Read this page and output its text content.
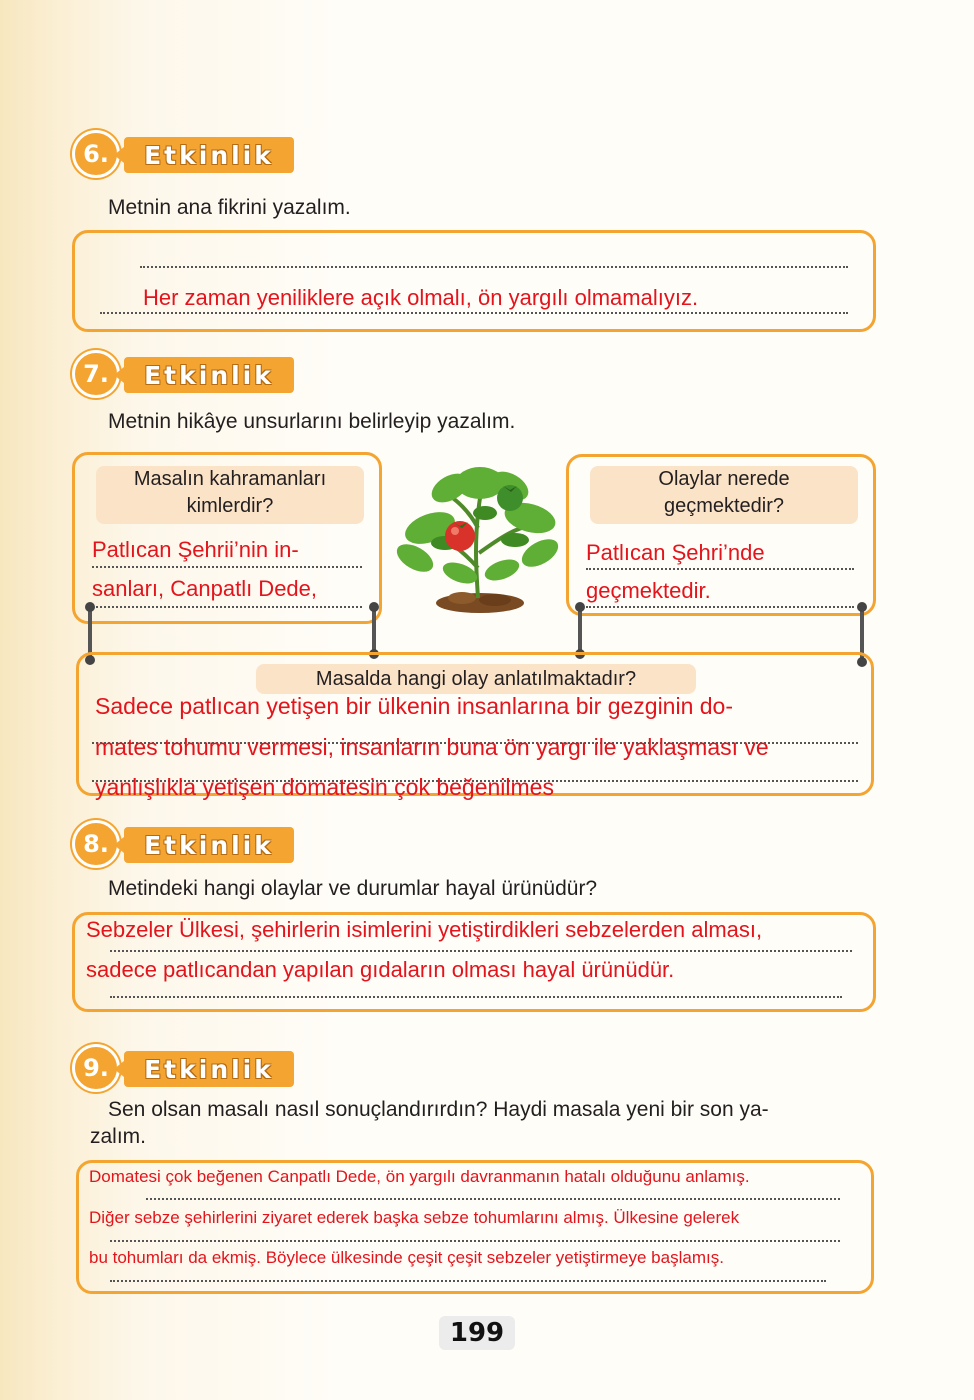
6.	Etkinlik
Metnin ana fikrini yazalım.
Her zaman yeniliklere açık olmalı, ön yargılı olmamalıyız.
7.	Etkinlik
Metnin hikâye unsurlarını belirleyip yazalım.
Masalın kahramanları
kimlerdir?
Patlıcan Şehrii’nin in-
sanları, Canpatlı Dede,
Olaylar nerede
geçmektedir?
Patlıcan Şehri’nde
geçmektedir.
Masalda hangi olay anlatılmaktadır?
Sadece patlıcan yetişen bir ülkenin insanlarına bir gezginin do-
mates tohumu vermesi, insanların buna ön yargı ile yaklaşması ve
yanlışlıkla yetişen domatesin çok beğenilmes
8.	Etkinlik
Metindeki hangi olaylar ve durumlar hayal ürünüdür?
Sebzeler Ülkesi, şehirlerin isimlerini yetiştirdikleri sebzelerden alması,
sadece patlıcandan yapılan gıdaların olması hayal ürünüdür.
9.	Etkinlik
Sen olsan masalı nasıl sonuçlandırırdın? Haydi masala yeni bir son ya-
zalım.
Domatesi çok beğenen Canpatlı Dede, ön yargılı davranmanın hatalı olduğunu anlamış.
Diğer sebze şehirlerini ziyaret ederek başka sebze tohumlarını almış. Ülkesine gelerek
bu tohumları da ekmiş. Böylece ülkesinde çeşit çeşit sebzeler yetiştirmeye başlamış.
199
